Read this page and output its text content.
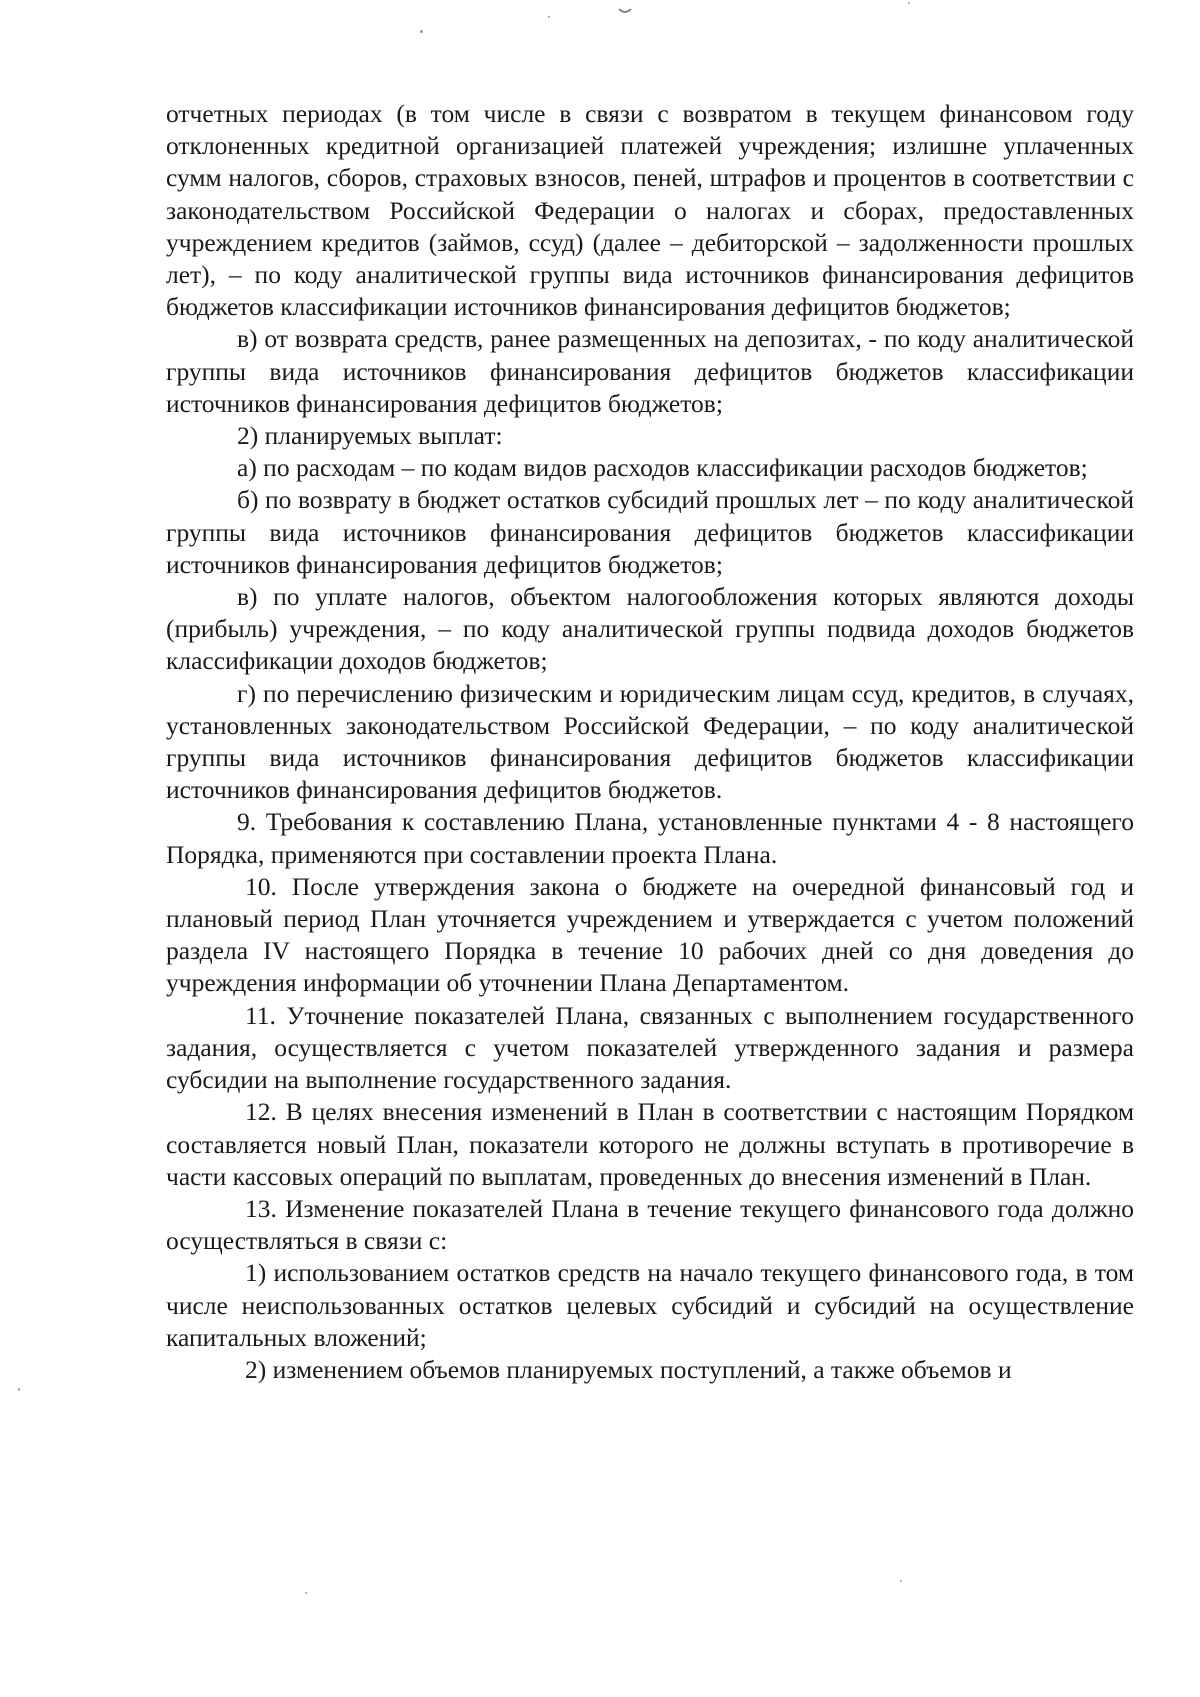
отчетных периодах (в том числе в связи с возвратом в текущем финансовом году отклоненных кредитной организацией платежей учреждения; излишне уплаченных сумм налогов, сборов, страховых взносов, пеней, штрафов и процентов в соответствии с законодательством Российской Федерации о налогах и сборах, предоставленных учреждением кредитов (займов, ссуд) (далее – дебиторской – задолженности прошлых лет), – по коду аналитической группы вида источников финансирования дефицитов бюджетов классификации источников финансирования дефицитов бюджетов;

в) от возврата средств, ранее размещенных на депозитах, - по коду аналитической группы вида источников финансирования дефицитов бюджетов классификации источников финансирования дефицитов бюджетов;

2) планируемых выплат:

а) по расходам – по кодам видов расходов классификации расходов бюджетов;

б) по возврату в бюджет остатков субсидий прошлых лет – по коду аналитической группы вида источников финансирования дефицитов бюджетов классификации источников финансирования дефицитов бюджетов;

в) по уплате налогов, объектом налогообложения которых являются доходы (прибыль) учреждения, – по коду аналитической группы подвида доходов бюджетов классификации доходов бюджетов;

г) по перечислению физическим и юридическим лицам ссуд, кредитов, в случаях, установленных законодательством Российской Федерации, – по коду аналитической группы вида источников финансирования дефицитов бюджетов классификации источников финансирования дефицитов бюджетов.

9. Требования к составлению Плана, установленные пунктами 4 - 8 настоящего Порядка, применяются при составлении проекта Плана.

10. После утверждения закона о бюджете на очередной финансовый год и плановый период План уточняется учреждением и утверждается с учетом положений раздела IV настоящего Порядка в течение 10 рабочих дней со дня доведения до учреждения информации об уточнении Плана Департаментом.

11. Уточнение показателей Плана, связанных с выполнением государственного задания, осуществляется с учетом показателей утвержденного задания и размера субсидии на выполнение государственного задания.

12. В целях внесения изменений в План в соответствии с настоящим Порядком составляется новый План, показатели которого не должны вступать в противоречие в части кассовых операций по выплатам, проведенных до внесения изменений в План.

13. Изменение показателей Плана в течение текущего финансового года должно осуществляться в связи с:

1) использованием остатков средств на начало текущего финансового года, в том числе неиспользованных остатков целевых субсидий и субсидий на осуществление капитальных вложений;

2) изменением объемов планируемых поступлений, а также объемов и
